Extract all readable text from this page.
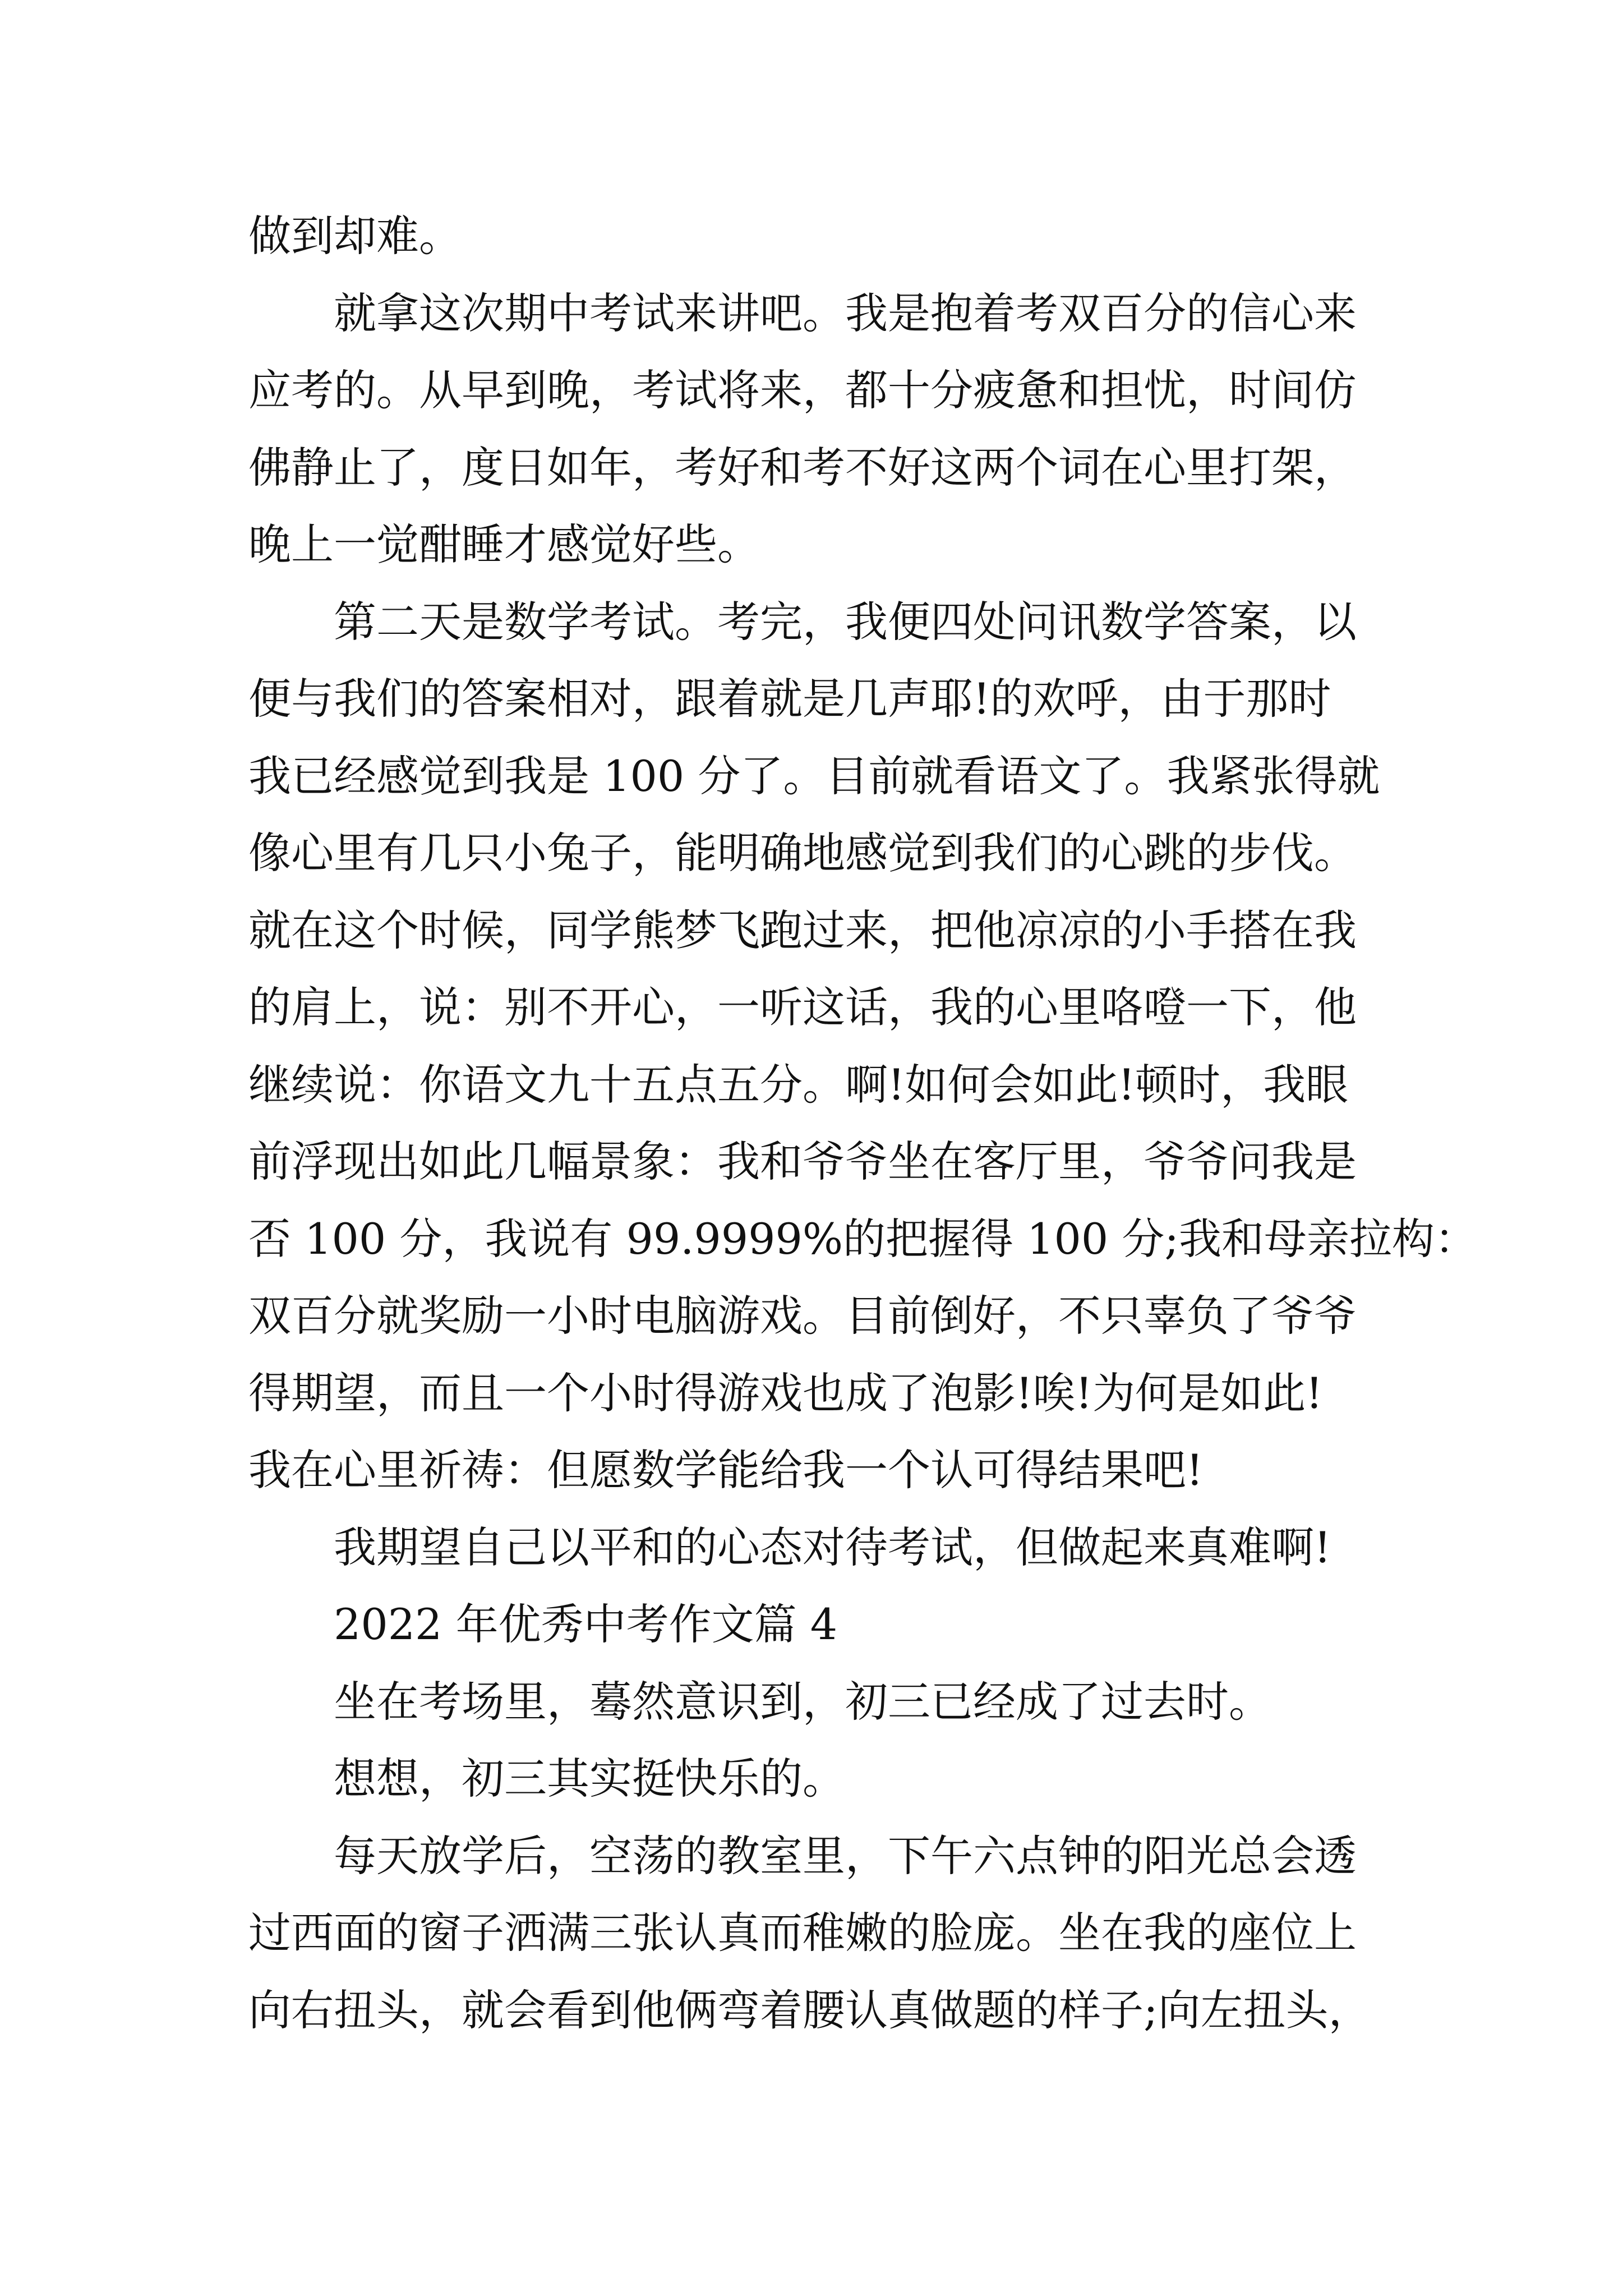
做到却难。
就拿这次期中考试来讲吧。我是抱着考双百分的信心来
应考的。从早到晚，考试将来，都十分疲惫和担忧，时间仿
佛静止了，度日如年，考好和考不好这两个词在心里打架，
晚上一觉酣睡才感觉好些。
第二天是数学考试。考完，我便四处问讯数学答案，以
便与我们的答案相对，跟着就是几声耶!的欢呼，由于那时
我已经感觉到我是 100 分了。目前就看语文了。我紧张得就
像心里有几只小兔子，能明确地感觉到我们的心跳的步伐。
就在这个时候，同学熊梦飞跑过来，把他凉凉的小手搭在我
的肩上，说：别不开心，一听这话，我的心里咯噔一下，他
继续说：你语文九十五点五分。啊!如何会如此!顿时，我眼
前浮现出如此几幅景象：我和爷爷坐在客厅里，爷爷问我是
否 100 分，我说有 99.9999%的把握得 100 分;我和母亲拉构：
双百分就奖励一小时电脑游戏。目前倒好，不只辜负了爷爷
得期望，而且一个小时得游戏也成了泡影!唉!为何是如此!
我在心里祈祷：但愿数学能给我一个认可得结果吧!
我期望自己以平和的心态对待考试，但做起来真难啊!
2022 年优秀中考作文篇 4
坐在考场里，蓦然意识到，初三已经成了过去时。
想想，初三其实挺快乐的。
每天放学后，空荡的教室里，下午六点钟的阳光总会透
过西面的窗子洒满三张认真而稚嫩的脸庞。坐在我的座位上
向右扭头，就会看到他俩弯着腰认真做题的样子;向左扭头，
